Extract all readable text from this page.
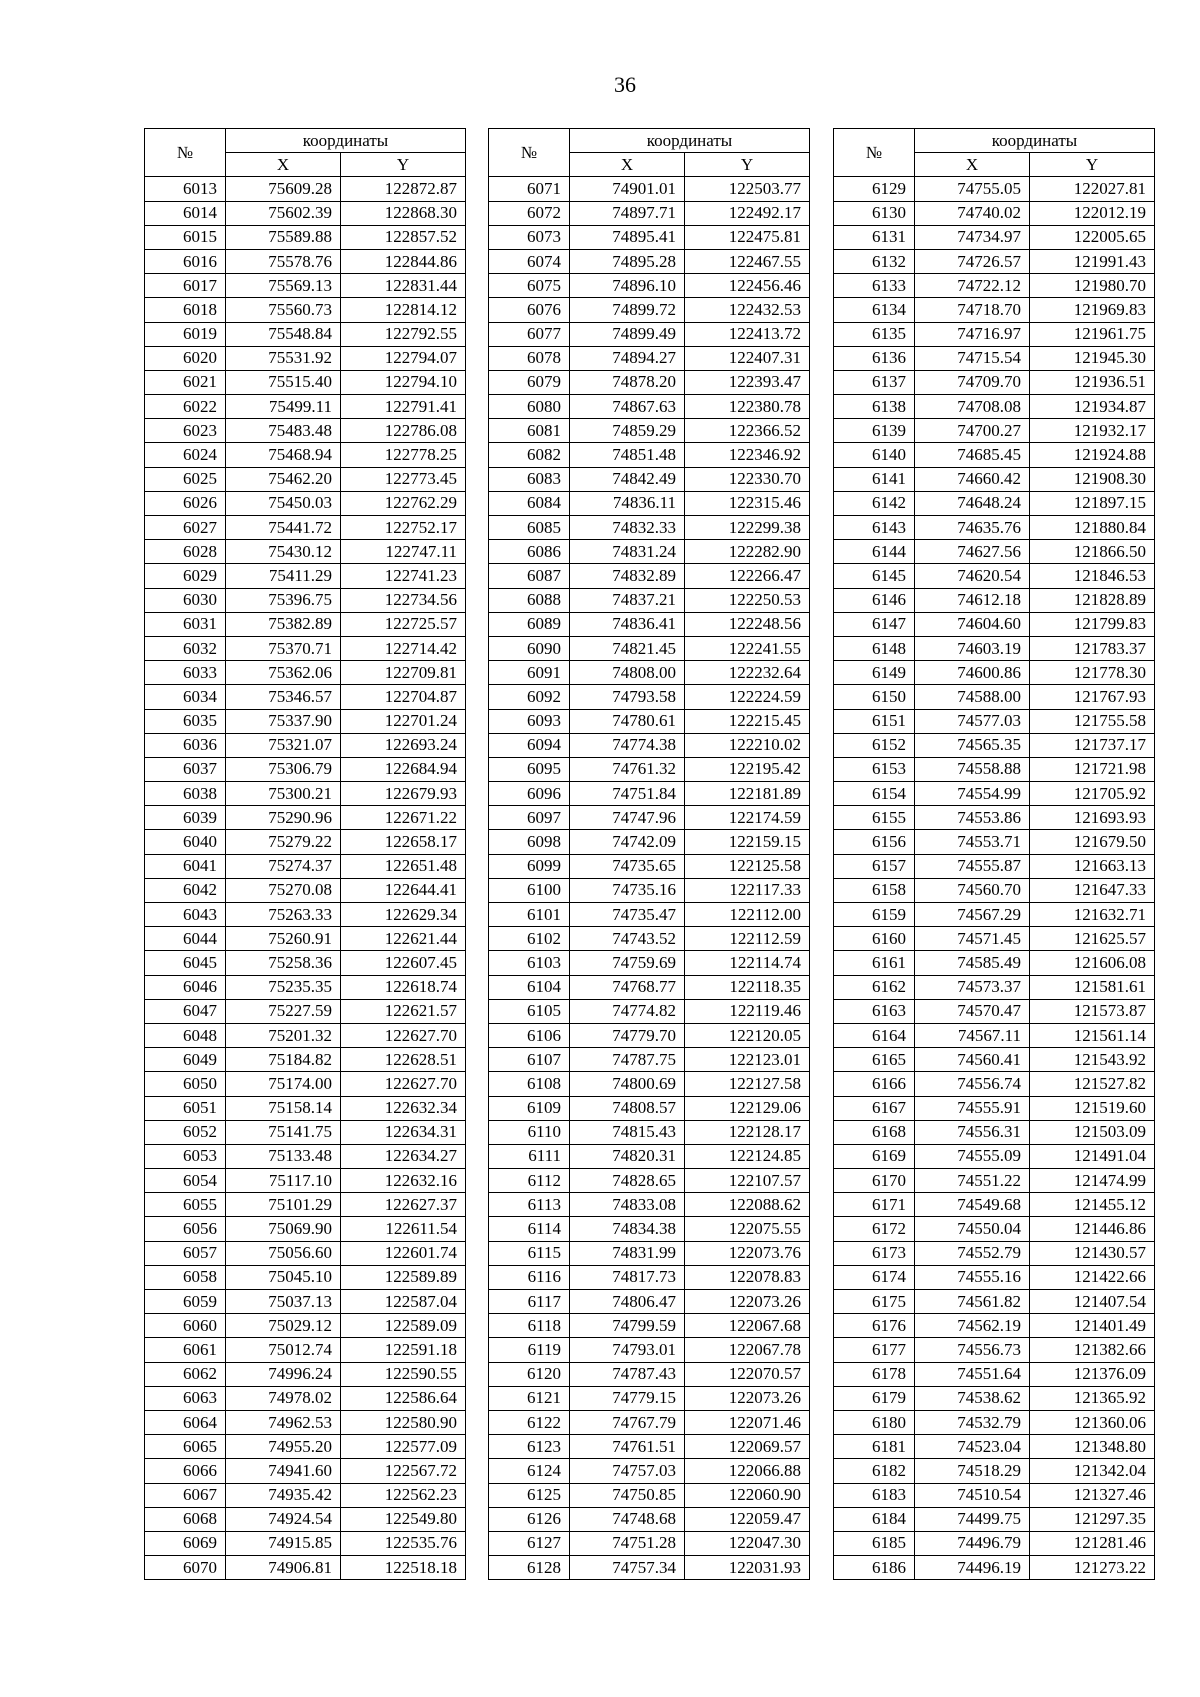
36
№	координаты	
	X	Y
6013	75609.28	122872.87
6014	75602.39	122868.30
6015	75589.88	122857.52
6016	75578.76	122844.86
6017	75569.13	122831.44
6018	75560.73	122814.12
6019	75548.84	122792.55
6020	75531.92	122794.07
6021	75515.40	122794.10
6022	75499.11	122791.41
6023	75483.48	122786.08
6024	75468.94	122778.25
6025	75462.20	122773.45
6026	75450.03	122762.29
6027	75441.72	122752.17
6028	75430.12	122747.11
6029	75411.29	122741.23
6030	75396.75	122734.56
6031	75382.89	122725.57
6032	75370.71	122714.42
6033	75362.06	122709.81
6034	75346.57	122704.87
6035	75337.90	122701.24
6036	75321.07	122693.24
6037	75306.79	122684.94
6038	75300.21	122679.93
6039	75290.96	122671.22
6040	75279.22	122658.17
6041	75274.37	122651.48
6042	75270.08	122644.41
6043	75263.33	122629.34
6044	75260.91	122621.44
6045	75258.36	122607.45
6046	75235.35	122618.74
6047	75227.59	122621.57
6048	75201.32	122627.70
6049	75184.82	122628.51
6050	75174.00	122627.70
6051	75158.14	122632.34
6052	75141.75	122634.31
6053	75133.48	122634.27
6054	75117.10	122632.16
6055	75101.29	122627.37
6056	75069.90	122611.54
6057	75056.60	122601.74
6058	75045.10	122589.89
6059	75037.13	122587.04
6060	75029.12	122589.09
6061	75012.74	122591.18
6062	74996.24	122590.55
6063	74978.02	122586.64
6064	74962.53	122580.90
6065	74955.20	122577.09
6066	74941.60	122567.72
6067	74935.42	122562.23
6068	74924.54	122549.80
6069	74915.85	122535.76
6070	74906.81	122518.18
№	координаты	
	X	Y
6071	74901.01	122503.77
6072	74897.71	122492.17
6073	74895.41	122475.81
6074	74895.28	122467.55
6075	74896.10	122456.46
6076	74899.72	122432.53
6077	74899.49	122413.72
6078	74894.27	122407.31
6079	74878.20	122393.47
6080	74867.63	122380.78
6081	74859.29	122366.52
6082	74851.48	122346.92
6083	74842.49	122330.70
6084	74836.11	122315.46
6085	74832.33	122299.38
6086	74831.24	122282.90
6087	74832.89	122266.47
6088	74837.21	122250.53
6089	74836.41	122248.56
6090	74821.45	122241.55
6091	74808.00	122232.64
6092	74793.58	122224.59
6093	74780.61	122215.45
6094	74774.38	122210.02
6095	74761.32	122195.42
6096	74751.84	122181.89
6097	74747.96	122174.59
6098	74742.09	122159.15
6099	74735.65	122125.58
6100	74735.16	122117.33
6101	74735.47	122112.00
6102	74743.52	122112.59
6103	74759.69	122114.74
6104	74768.77	122118.35
6105	74774.82	122119.46
6106	74779.70	122120.05
6107	74787.75	122123.01
6108	74800.69	122127.58
6109	74808.57	122129.06
6110	74815.43	122128.17
6111	74820.31	122124.85
6112	74828.65	122107.57
6113	74833.08	122088.62
6114	74834.38	122075.55
6115	74831.99	122073.76
6116	74817.73	122078.83
6117	74806.47	122073.26
6118	74799.59	122067.68
6119	74793.01	122067.78
6120	74787.43	122070.57
6121	74779.15	122073.26
6122	74767.79	122071.46
6123	74761.51	122069.57
6124	74757.03	122066.88
6125	74750.85	122060.90
6126	74748.68	122059.47
6127	74751.28	122047.30
6128	74757.34	122031.93
№	координаты	
	X	Y
6129	74755.05	122027.81
6130	74740.02	122012.19
6131	74734.97	122005.65
6132	74726.57	121991.43
6133	74722.12	121980.70
6134	74718.70	121969.83
6135	74716.97	121961.75
6136	74715.54	121945.30
6137	74709.70	121936.51
6138	74708.08	121934.87
6139	74700.27	121932.17
6140	74685.45	121924.88
6141	74660.42	121908.30
6142	74648.24	121897.15
6143	74635.76	121880.84
6144	74627.56	121866.50
6145	74620.54	121846.53
6146	74612.18	121828.89
6147	74604.60	121799.83
6148	74603.19	121783.37
6149	74600.86	121778.30
6150	74588.00	121767.93
6151	74577.03	121755.58
6152	74565.35	121737.17
6153	74558.88	121721.98
6154	74554.99	121705.92
6155	74553.86	121693.93
6156	74553.71	121679.50
6157	74555.87	121663.13
6158	74560.70	121647.33
6159	74567.29	121632.71
6160	74571.45	121625.57
6161	74585.49	121606.08
6162	74573.37	121581.61
6163	74570.47	121573.87
6164	74567.11	121561.14
6165	74560.41	121543.92
6166	74556.74	121527.82
6167	74555.91	121519.60
6168	74556.31	121503.09
6169	74555.09	121491.04
6170	74551.22	121474.99
6171	74549.68	121455.12
6172	74550.04	121446.86
6173	74552.79	121430.57
6174	74555.16	121422.66
6175	74561.82	121407.54
6176	74562.19	121401.49
6177	74556.73	121382.66
6178	74551.64	121376.09
6179	74538.62	121365.92
6180	74532.79	121360.06
6181	74523.04	121348.80
6182	74518.29	121342.04
6183	74510.54	121327.46
6184	74499.75	121297.35
6185	74496.79	121281.46
6186	74496.19	121273.22
